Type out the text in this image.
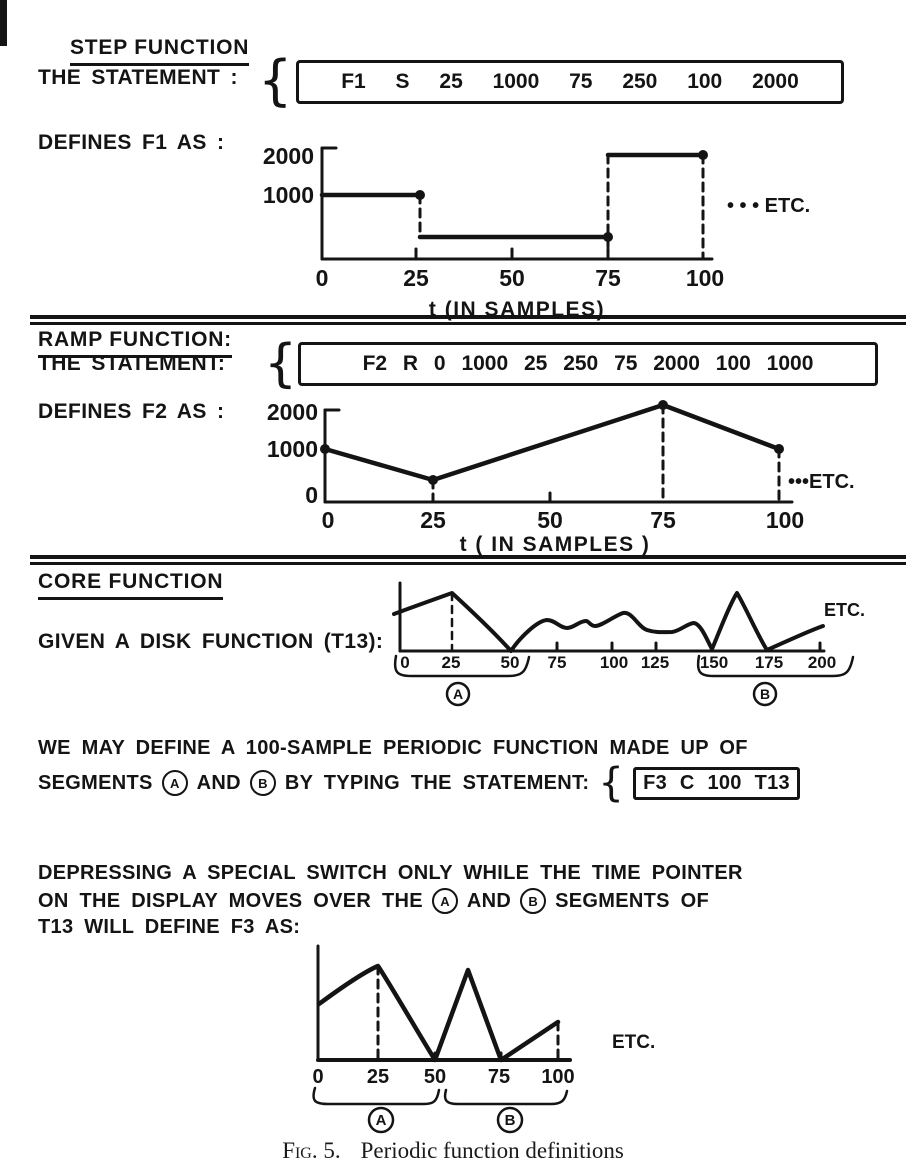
STEP FUNCTION
THE STATEMENT : { F1 S 25 1000 75 250 100 2000
DEFINES F1 AS :
2000
1000
0	25	50	75	100
t (IN SAMPLES)
• • • ETC.
RAMP FUNCTION:
THE STATEMENT: {	F2 R 0 1000 25 250 75 2000 100 1000
DEFINES F2 AS : 2000
1000
0
0	25	50	75	100
•••ETC.
t ( IN SAMPLES )
CORE FUNCTION
GIVEN A DISK FUNCTION (T13):
0 25 50 75 100 125 150 175 200
A	B
ETC.
WE MAY DEFINE A 100-SAMPLE PERIODIC FUNCTION MADE UP OF
SEGMENTS	A AND	B BY TYPING THE STATEMENT: { F3 C 100 T13
DEPRESSING A SPECIAL SWITCH ONLY WHILE THE TIME POINTER
ON THE DISPLAY MOVES OVER THE	A AND	B SEGMENTS OF
T13 WILL DEFINE F3 AS:
0 25 50 75 100
A	B
ETC.
Fig. 5. Periodic function definitions
